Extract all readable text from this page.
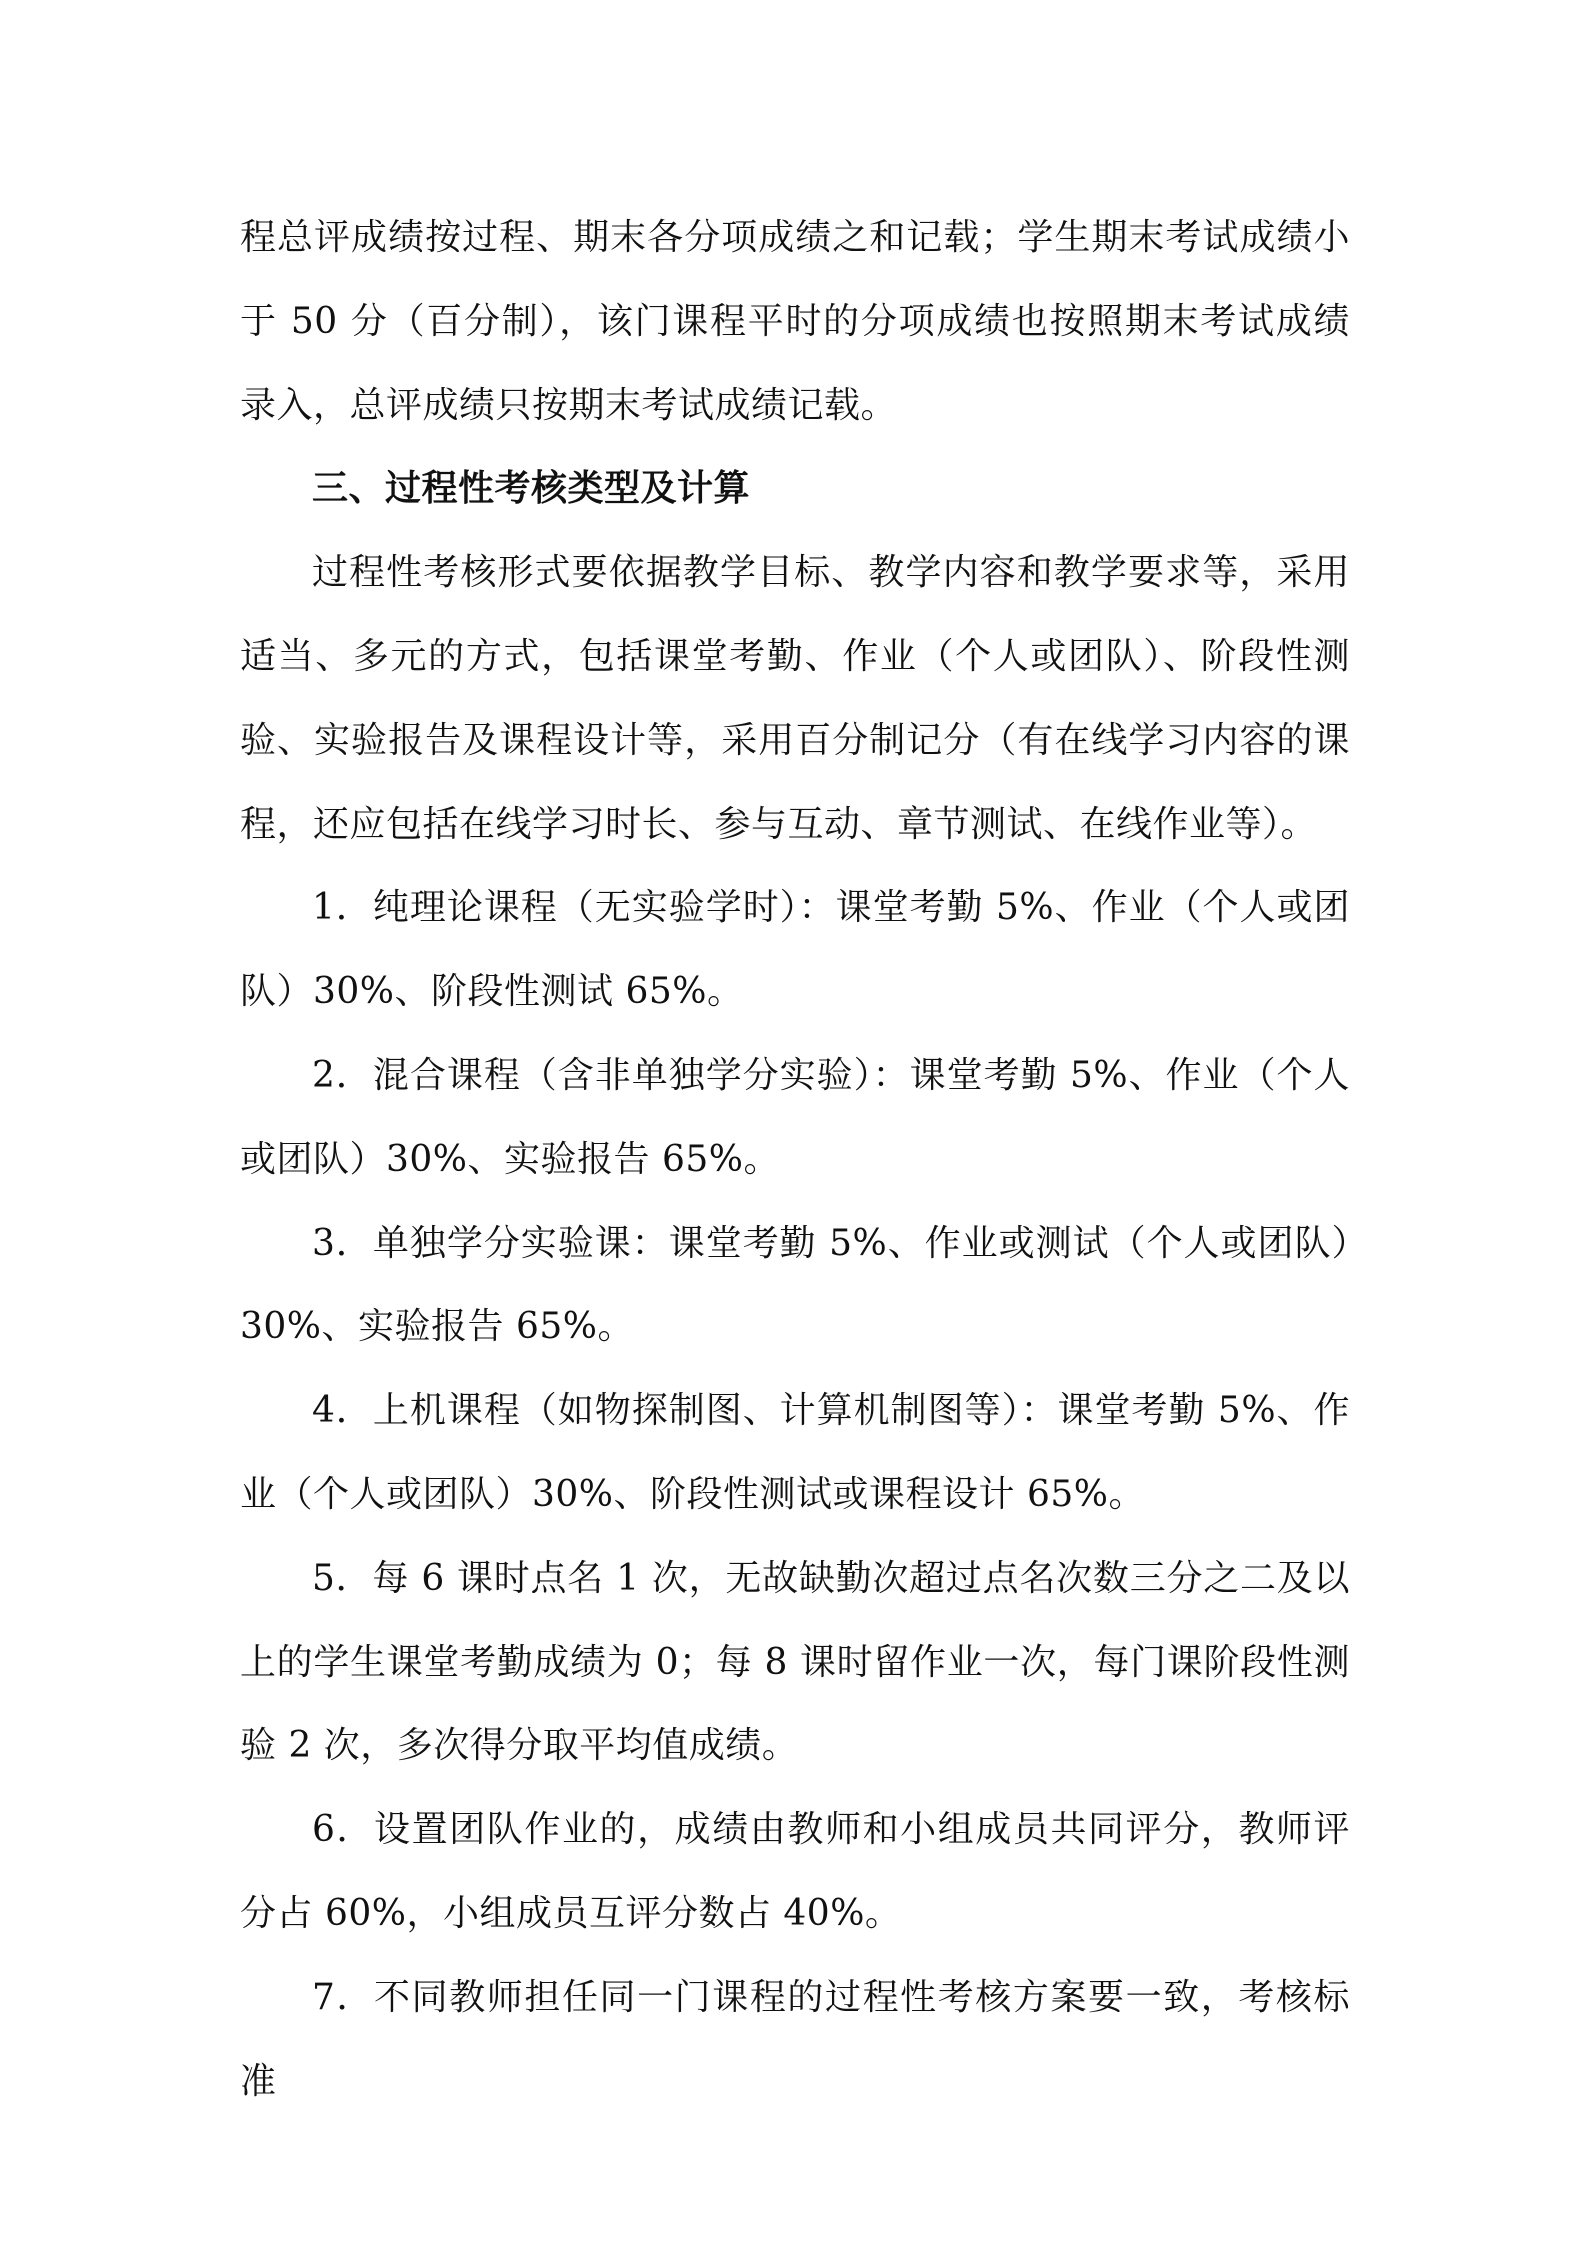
程总评成绩按过程、期末各分项成绩之和记载；学生期末考试成绩小于 50 分（百分制），该门课程平时的分项成绩也按照期末考试成绩录入，总评成绩只按期末考试成绩记载。

三、过程性考核类型及计算

过程性考核形式要依据教学目标、教学内容和教学要求等，采用适当、多元的方式，包括课堂考勤、作业（个人或团队）、阶段性测验、实验报告及课程设计等，采用百分制记分（有在线学习内容的课程，还应包括在线学习时长、参与互动、章节测试、在线作业等）。

1．纯理论课程（无实验学时）：课堂考勤 5%、作业（个人或团队）30%、阶段性测试 65%。

2．混合课程（含非单独学分实验）：课堂考勤 5%、作业（个人或团队）30%、实验报告 65%。

3．单独学分实验课：课堂考勤 5%、作业或测试（个人或团队）30%、实验报告 65%。

4．上机课程（如物探制图、计算机制图等）：课堂考勤 5%、作业（个人或团队）30%、阶段性测试或课程设计 65%。

5．每 6 课时点名 1 次，无故缺勤次超过点名次数三分之二及以上的学生课堂考勤成绩为 0；每 8 课时留作业一次，每门课阶段性测验 2 次，多次得分取平均值成绩。

6．设置团队作业的，成绩由教师和小组成员共同评分，教师评分占 60%，小组成员互评分数占 40%。

7．不同教师担任同一门课程的过程性考核方案要一致，考核标准
